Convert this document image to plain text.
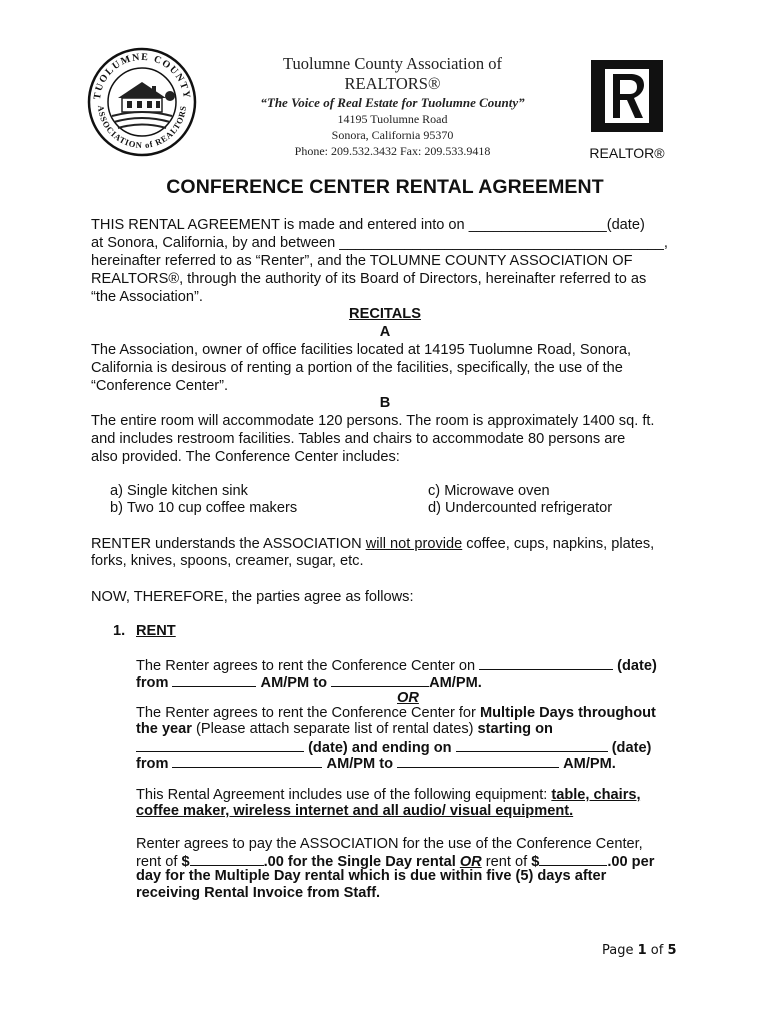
TUOLUMNE COUNTY
ASSOCIATION of REALTORS
Tuolumne County Association of
REALTORS®
“The Voice of Real Estate for Tuolumne County”
14195 Tuolumne Road
Sonora, California 95370
Phone: 209.532.3432 Fax: 209.533.9418	REALTOR®
CONFERENCE CENTER RENTAL AGREEMENT
THIS RENTAL AGREEMENT is made and entered into on _________________(date)
at Sonora, California, by and between ________________________________________,
hereinafter referred to as “Renter”, and the TOLUMNE COUNTY ASSOCIATION OF
REALTORS®, through the authority of its Board of Directors, hereinafter referred to as
“the Association”.
RECITALS
A
The Association, owner of office facilities located at 14195 Tuolumne Road, Sonora,
California is desirous of renting a portion of the facilities, specifically, the use of the
“Conference Center”.
B
The entire room will accommodate 120 persons. The room is approximately 1400 sq. ft.
and includes restroom facilities. Tables and chairs to accommodate 80 persons are
also provided. The Conference Center includes:
a) Single kitchen sink
b) Two 10 cup coffee makers
c) Microwave oven
d) Undercounted refrigerator
RENTER understands the ASSOCIATION will not provide coffee, cups, napkins, plates,
forks, knives, spoons, creamer, sugar, etc.
NOW, THEREFORE, the parties agree as follows:
1. RENT
The Renter agrees to rent the Conference Center on	(date)
from	AM/PM to	AM/PM.
OR
The Renter agrees to rent the Conference Center for Multiple Days throughout
the year (Please attach separate list of rental dates) starting on
(date) and ending on	(date)
from	AM/PM to	AM/PM.
This Rental Agreement includes use of the following equipment: table, chairs,
coffee maker, wireless internet and all audio/ visual equipment.
Renter agrees to pay the ASSOCIATION for the use of the Conference Center,
rent of $	.00 for the Single Day rental OR rent of $	.00 per
day for the Multiple Day rental which is due within five (5) days after
receiving Rental Invoice from Staff.
Page 1 of 5
